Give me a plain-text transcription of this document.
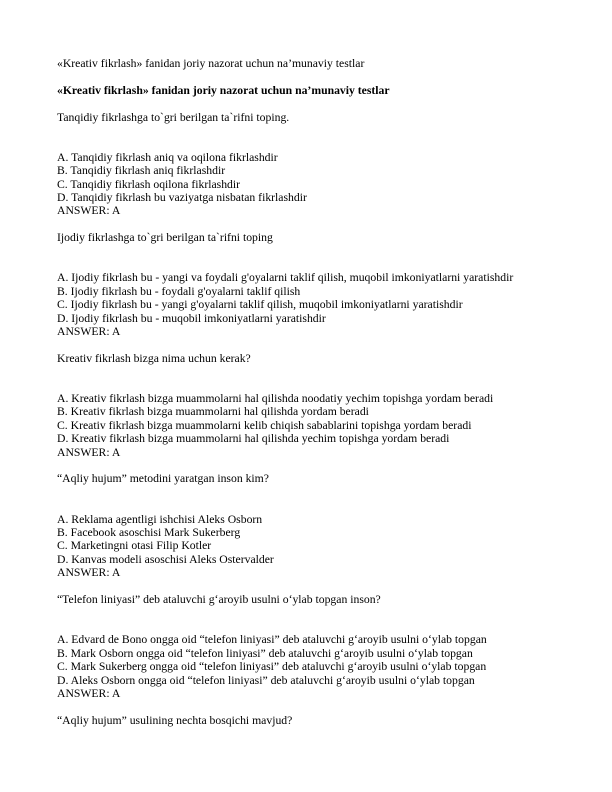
«Kreativ fikrlash» fanidan joriy nazorat uchun na’munaviy testlar

«Kreativ fikrlash» fanidan joriy nazorat uchun na’munaviy testlar

Tanqidiy fikrlashga to`gri berilgan ta`rifni toping.

A. Tanqidiy fikrlash aniq va oqilona fikrlashdir

B. Tanqidiy fikrlash aniq fikrlashdir

C. Tanqidiy fikrlash oqilona fikrlashdir

D. Tanqidiy fikrlash bu vaziyatga nisbatan fikrlashdir

ANSWER: A

Ijodiy fikrlashga to`gri berilgan ta`rifni toping

A. Ijodiy fikrlash bu - yangi va foydali g'oyalarni taklif qilish, muqobil imkoniyatlarni yaratishdir

B. Ijodiy fikrlash bu - foydali g'oyalarni taklif qilish

C. Ijodiy fikrlash bu - yangi g'oyalarni taklif qilish, muqobil imkoniyatlarni yaratishdir

D. Ijodiy fikrlash bu - muqobil imkoniyatlarni yaratishdir

ANSWER: A

Kreativ fikrlash bizga nima uchun kerak?

A. Kreativ fikrlash bizga muammolarni hal qilishda noodatiy yechim topishga yordam beradi

B. Kreativ fikrlash bizga muammolarni hal qilishda yordam beradi

C. Kreativ fikrlash bizga muammolarni kelib chiqish sabablarini topishga yordam beradi

D. Kreativ fikrlash bizga muammolarni hal qilishda yechim topishga yordam beradi

ANSWER: A

“Aqliy hujum” metodini yaratgan inson kim?

A. Reklama agentligi ishchisi Aleks Osborn

B. Facebook asoschisi Mark Sukerberg

C. Marketingni otasi Filip Kotler

D. Kanvas modeli asoschisi Aleks Ostervalder

ANSWER: A

“Telefon liniyasi” deb ataluvchi g‘aroyib usulni o‘ylab topgan inson?

A. Edvard de Bono ongga oid “telefon liniyasi” deb ataluvchi g‘aroyib usulni o‘ylab topgan

B. Mark Osborn ongga oid “telefon liniyasi” deb ataluvchi g‘aroyib usulni o‘ylab topgan

C. Mark Sukerberg ongga oid “telefon liniyasi” deb ataluvchi g‘aroyib usulni o‘ylab topgan

D. Aleks Osborn ongga oid “telefon liniyasi” deb ataluvchi g‘aroyib usulni o‘ylab topgan

ANSWER: A

“Aqliy hujum” usulining nechta bosqichi mavjud?
